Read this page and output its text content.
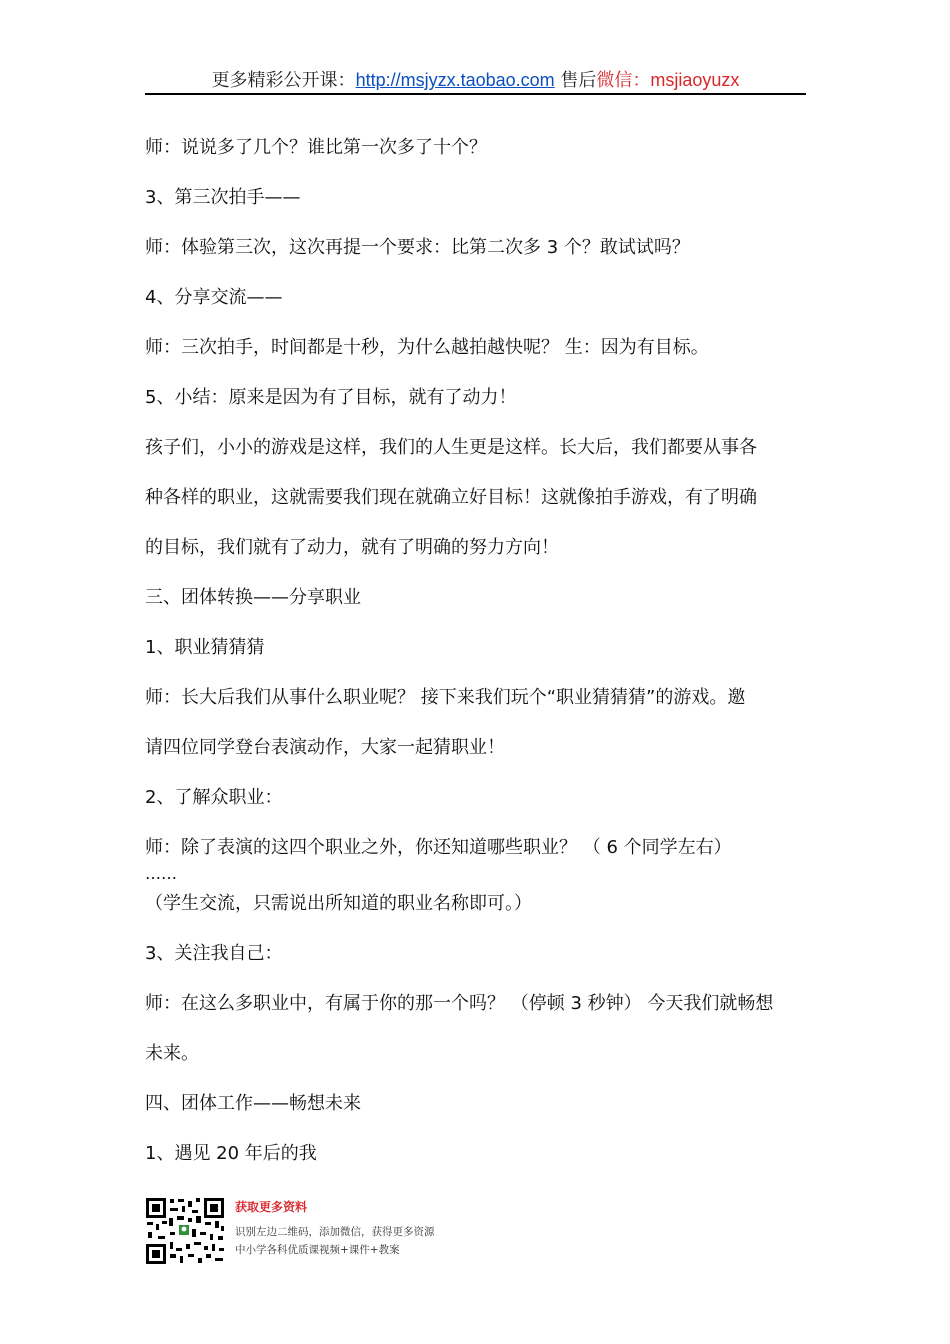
更多精彩公开课：http://msjyzx.taobao.com 售后微信：msjiaoyuzx

师：说说多了几个？谁比第一次多了十个？

3、第三次拍手——

师：体验第三次，这次再提一个要求：比第二次多 3 个？敢试试吗？

4、分享交流——

师：三次拍手，时间都是十秒，为什么越拍越快呢？ 生：因为有目标。

5、小结：原来是因为有了目标，就有了动力！

孩子们，小小的游戏是这样，我们的人生更是这样。长大后，我们都要从事各

种各样的职业，这就需要我们现在就确立好目标！这就像拍手游戏，有了明确

的目标，我们就有了动力，就有了明确的努力方向！

三、团体转换——分享职业

1、职业猜猜猜

师：长大后我们从事什么职业呢？ 接下来我们玩个“职业猜猜猜”的游戏。邀

请四位同学登台表演动作，大家一起猜职业！

2、了解众职业：

师：除了表演的这四个职业之外，你还知道哪些职业？ （ 6 个同学左右）

……

（学生交流，只需说出所知道的职业名称即可。）

3、关注我自己：

师：在这么多职业中，有属于你的那一个吗？ （停顿 3 秒钟） 今天我们就畅想

未来。

四、团体工作——畅想未来

1、遇见 20 年后的我

获取更多资料
识别左边二维码，添加微信，获得更多资源
中小学各科优质课视频+课件+教案
